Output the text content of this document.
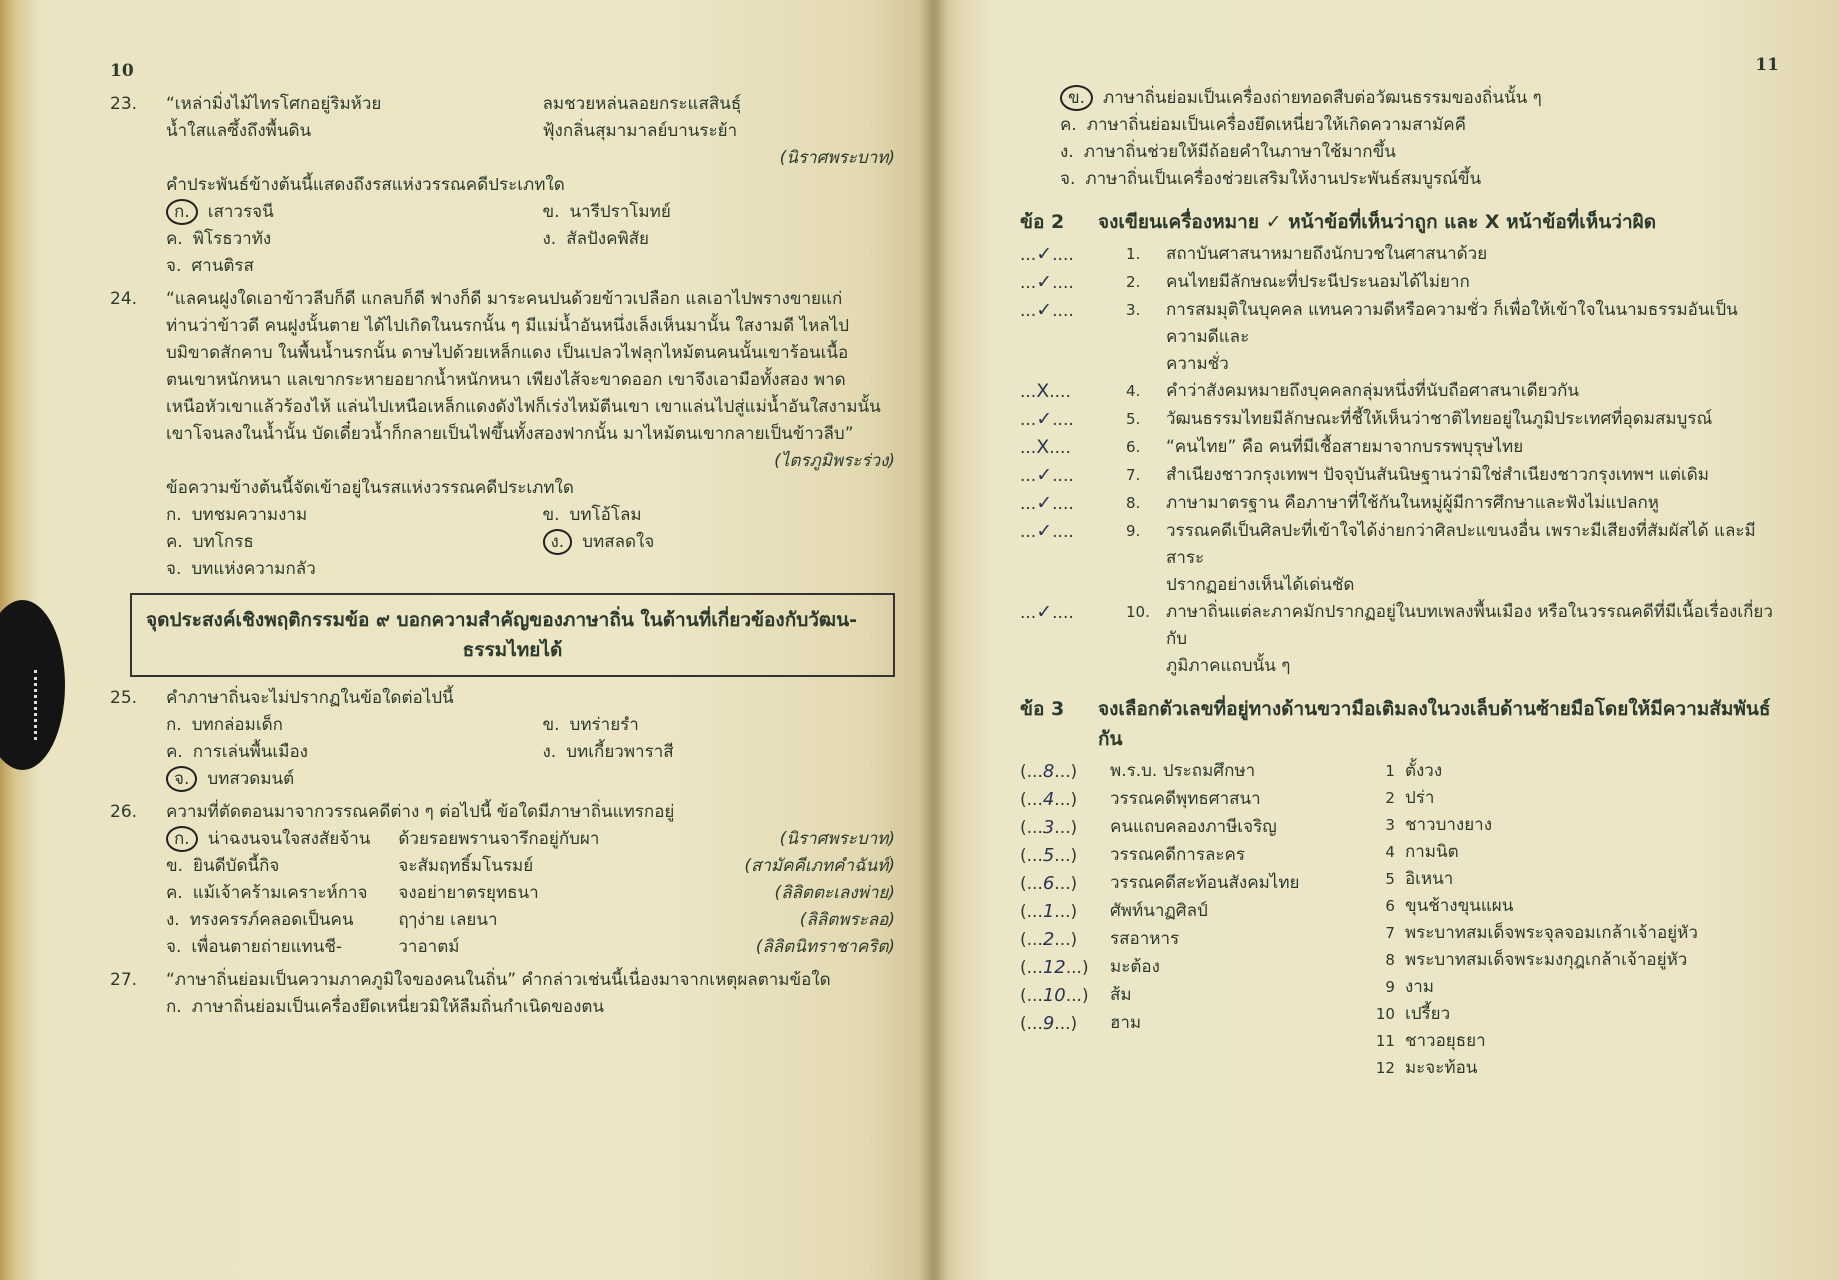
10
23.	“เหล่ามิ่งไม้ไทรโศกอยู่ริมห้วย	ลมชวยหล่นลอยกระแสสินธุ์
น้ำใสแลซึ้งถึงพื้นดิน	ฟุ้งกลิ่นสุมามาลย์บานระย้า
(นิราศพระบาท)
คำประพันธ์ข้างต้นนี้แสดงถึงรสแห่งวรรณคดีประเภทใด
ก.	เสาวรจนี	ข. นารีปราโมทย์
ค. พิโรธวาทัง	ง. สัลปังคพิสัย
จ. ศานติรส
24.	“แลคนฝูงใดเอาข้าวลีบก็ดี แกลบก็ดี ฟางก็ดี มาระคนปนด้วยข้าวเปลือก แลเอาไปพรางขายแก่
ท่านว่าข้าวดี คนฝูงนั้นตาย ได้ไปเกิดในนรกนั้น ๆ มีแม่น้ำอันหนึ่งเล็งเห็นมานั้น ใสงามดี ไหลไป
บมิขาดสักคาบ ในพื้นน้ำนรกนั้น ดาษไปด้วยเหล็กแดง เป็นเปลวไฟลุกไหม้ตนคนนั้นเขาร้อนเนื้อ
ตนเขาหนักหนา แลเขากระหายอยากน้ำหนักหนา เพียงไส้จะขาดออก เขาจึงเอามือทั้งสอง พาด
เหนือหัวเขาแล้วร้องไห้ แล่นไปเหนือเหล็กแดงดังไฟก็เร่งไหม้ตีนเขา เขาแล่นไปสู่แม่น้ำอันใสงามนั้น
เขาโจนลงในน้ำนั้น บัดเดี๋ยวน้ำก็กลายเป็นไฟขึ้นทั้งสองฟากนั้น มาไหม้ตนเขากลายเป็นข้าวลีบ”
(ไตรภูมิพระร่วง)
ข้อความข้างต้นนี้จัดเข้าอยู่ในรสแห่งวรรณคดีประเภทใด
ก. บทชมความงาม	ข. บทโอ้โลม
ค. บทโกรธ	ง.	บทสลดใจ
จ. บทแห่งความกลัว
จุดประสงค์เชิงพฤติกรรมข้อ ๙ บอกความสำคัญของภาษาถิ่น ในด้านที่เกี่ยวข้องกับวัฒน-
ธรรมไทยได้
25.	คำภาษาถิ่นจะไม่ปรากฏในข้อใดต่อไปนี้
ก. บทกล่อมเด็ก	ข. บทร่ายรำ
ค. การเล่นพื้นเมือง	ง. บทเกี้ยวพาราสี
จ.	บทสวดมนต์
26.	ความที่ตัดตอนมาจากวรรณคดีต่าง ๆ ต่อไปนี้ ข้อใดมีภาษาถิ่นแทรกอยู่
ก.	น่าฉงนจนใจสงสัยจ้าน ด้วยรอยพรานจารึกอยู่กับผา	(นิราศพระบาท)
ข. ยินดีบัดนี้กิจ	จะสัมฤทธิ์มโนรมย์	(สามัคคีเภทคำฉันท์)
ค. แม้เจ้าคร้ามเคราะห์กาจ จงอย่ายาตรยุทธนา	(ลิลิตตะเลงพ่าย)
ง. ทรงครรภ์คลอดเป็นคน	ฤๅง่าย เลยนา	(ลิลิตพระลอ)
จ. เพื่อนตายถ่ายแทนชี-	วาอาตม์	(ลิลิตนิทราชาคริต)
27.	“ภาษาถิ่นย่อมเป็นความภาคภูมิใจของคนในถิ่น” คำกล่าวเช่นนี้เนื่องมาจากเหตุผลตามข้อใด
ก. ภาษาถิ่นย่อมเป็นเครื่องยึดเหนี่ยวมิให้ลืมถิ่นกำเนิดของตน
11
ข.	ภาษาถิ่นย่อมเป็นเครื่องถ่ายทอดสืบต่อวัฒนธรรมของถิ่นนั้น ๆ
ค. ภาษาถิ่นย่อมเป็นเครื่องยึดเหนี่ยวให้เกิดความสามัคคี
ง. ภาษาถิ่นช่วยให้มีถ้อยคำในภาษาใช้มากขึ้น
จ. ภาษาถิ่นเป็นเครื่องช่วยเสริมให้งานประพันธ์สมบูรณ์ขึ้น
ข้อ 2	จงเขียนเครื่องหมาย ✓ หน้าข้อที่เห็นว่าถูก และ X หน้าข้อที่เห็นว่าผิด
...✓....	1.	สถาบันศาสนาหมายถึงนักบวชในศาสนาด้วย
...✓....	2.	คนไทยมีลักษณะที่ประนีประนอมได้ไม่ยาก
...✓....	3.	การสมมุติในบุคคล แทนความดีหรือความชั่ว ก็เพื่อให้เข้าใจในนามธรรมอันเป็นความดีและ
ความชั่ว
...X....	4.	คำว่าสังคมหมายถึงบุคคลกลุ่มหนึ่งที่นับถือศาสนาเดียวกัน
...✓....	5.	วัฒนธรรมไทยมีลักษณะที่ชี้ให้เห็นว่าชาติไทยอยู่ในภูมิประเทศที่อุดมสมบูรณ์
...X....	6.	“คนไทย” คือ คนที่มีเชื้อสายมาจากบรรพบุรุษไทย
...✓....	7.	สำเนียงชาวกรุงเทพฯ ปัจจุบันสันนิษฐานว่ามิใช่สำเนียงชาวกรุงเทพฯ แต่เดิม
...✓....	8.	ภาษามาตรฐาน คือภาษาที่ใช้กันในหมู่ผู้มีการศึกษาและฟังไม่แปลกหู
...✓....	9.	วรรณคดีเป็นศิลปะที่เข้าใจได้ง่ายกว่าศิลปะแขนงอื่น เพราะมีเสียงที่สัมผัสได้ และมีสาระ
ปรากฏอย่างเห็นได้เด่นชัด
...✓....	10. ภาษาถิ่นแต่ละภาคมักปรากฏอยู่ในบทเพลงพื้นเมือง หรือในวรรณคดีที่มีเนื้อเรื่องเกี่ยวกับ
ภูมิภาคแถบนั้น ๆ
ข้อ 3	จงเลือกตัวเลขที่อยู่ทางด้านขวามือเติมลงในวงเล็บด้านซ้ายมือโดยให้มีความสัมพันธ์กัน
(...8...)	พ.ร.บ. ประถมศึกษา
(...4...)	วรรณคดีพุทธศาสนา
(...3...)	คนแถบคลองภาษีเจริญ
(...5...)	วรรณคดีการละคร
(...6...)	วรรณคดีสะท้อนสังคมไทย
(...1...)	ศัพท์นาฏศิลป์
(...2...)	รสอาหาร
(...12...)	มะต้อง
(...10...)	ส้ม
(...9...)	ฮาม
1 ตั้งวง
2 ปร่า
3 ชาวบางยาง
4 กามนิต
5 อิเหนา
6 ขุนช้างขุนแผน
7 พระบาทสมเด็จพระจุลจอมเกล้าเจ้าอยู่หัว
8 พระบาทสมเด็จพระมงกุฎเกล้าเจ้าอยู่หัว
9 งาม
10 เปรี้ยว
11 ชาวอยุธยา
12 มะจะท้อน
